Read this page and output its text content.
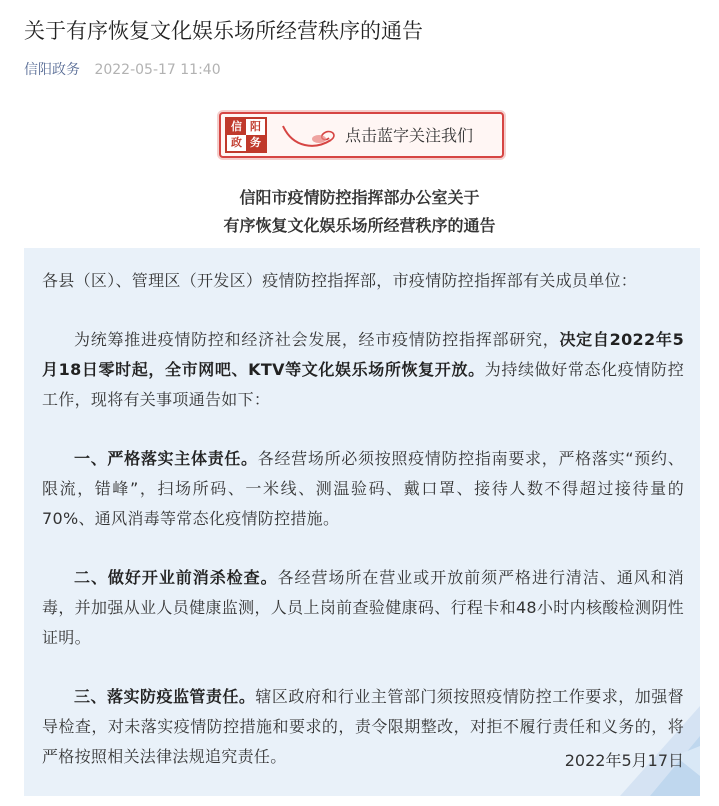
关于有序恢复文化娱乐场所经营秩序的通告
信阳政务 2022-05-17 11:40
信 阳
政 务	点击蓝字关注我们
信阳市疫情防控指挥部办公室关于
有序恢复文化娱乐场所经营秩序的通告

各县（区）、管理区（开发区）疫情防控指挥部，市疫情防控指挥部有关成员单位：

为统筹推进疫情防控和经济社会发展，经市疫情防控指挥部研究，决定自2022年5月18日零时起，全市网吧、KTV等文化娱乐场所恢复开放。为持续做好常态化疫情防控工作，现将有关事项通告如下：

一、严格落实主体责任。各经营场所必须按照疫情防控指南要求，严格落实“预约、限流，错峰”，扫场所码、一米线、测温验码、戴口罩、接待人数不得超过接待量的70%、通风消毒等常态化疫情防控措施。

二、做好开业前消杀检查。各经营场所在营业或开放前须严格进行清洁、通风和消毒，并加强从业人员健康监测，人员上岗前查验健康码、行程卡和48小时内核酸检测阴性证明。

三、落实防疫监管责任。辖区政府和行业主管部门须按照疫情防控工作要求，加强督导检查，对未落实疫情防控措施和要求的，责令限期整改，对拒不履行责任和义务的，将严格按照相关法律法规追究责任。	2022年5月17日
